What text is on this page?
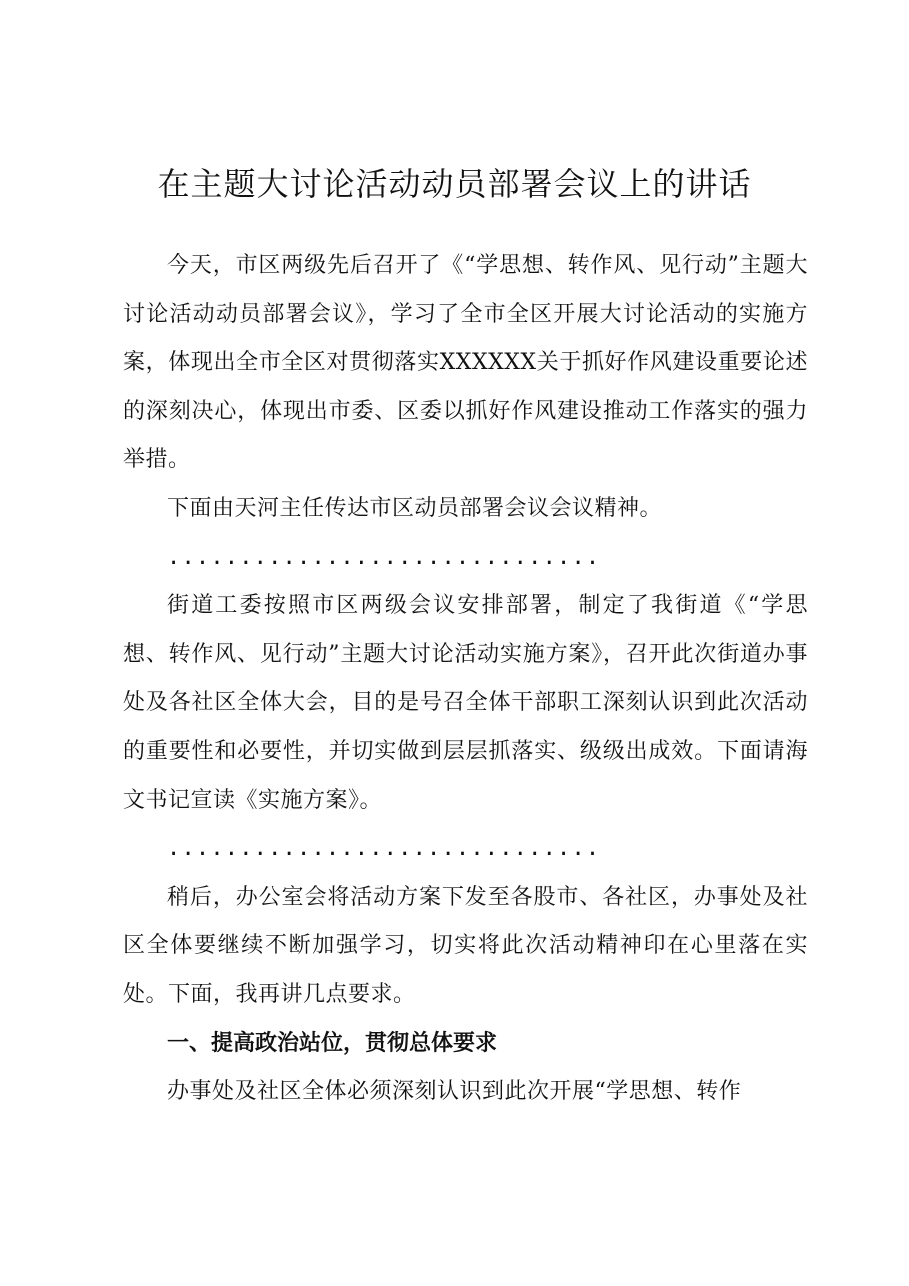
在主题大讨论活动动员部署会议上的讲话

今天，市区两级先后召开了《“学思想、转作风、见行动”主题大讨论活动动员部署会议》，学习了全市全区开展大讨论活动的实施方案，体现出全市全区对贯彻落实XXXXXX关于抓好作风建设重要论述的深刻决心，体现出市委、区委以抓好作风建设推动工作落实的强力举措。

下面由天河主任传达市区动员部署会议会议精神。

..............................

街道工委按照市区两级会议安排部署，制定了我街道《“学思想、转作风、见行动”主题大讨论活动实施方案》，召开此次街道办事处及各社区全体大会，目的是号召全体干部职工深刻认识到此次活动的重要性和必要性，并切实做到层层抓落实、级级出成效。下面请海文书记宣读《实施方案》。

..............................

稍后，办公室会将活动方案下发至各股市、各社区，办事处及社区全体要继续不断加强学习，切实将此次活动精神印在心里落在实处。下面，我再讲几点要求。

一、提高政治站位，贯彻总体要求

办事处及社区全体必须深刻认识到此次开展“学思想、转作
